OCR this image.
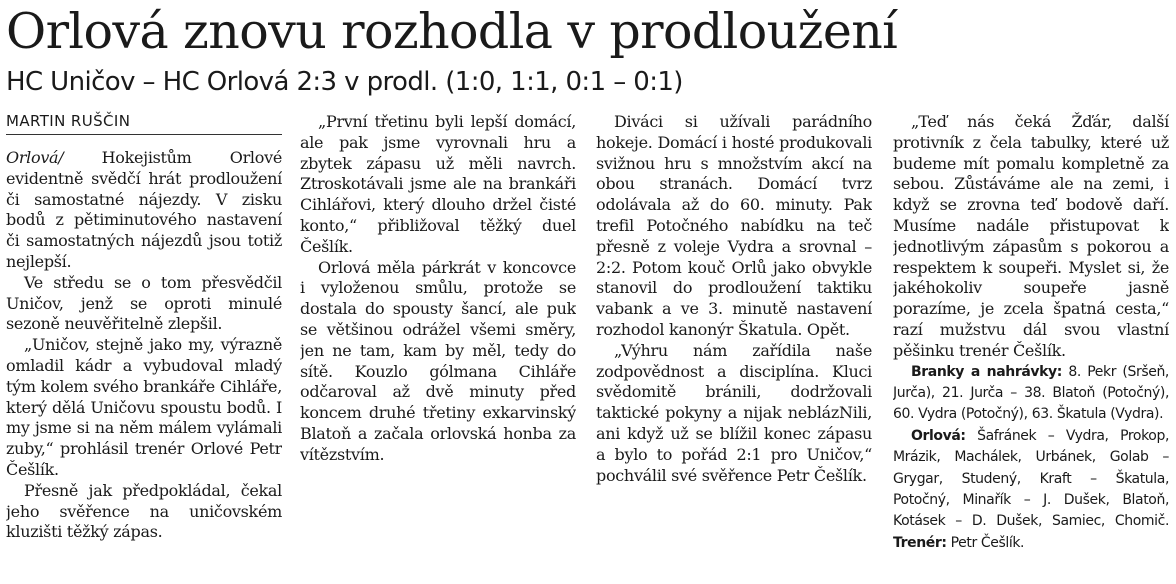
Orlová znovu rozhodla v prodloužení
HC Uničov – HC Orlová 2:3 v prodl. (1:0, 1:1, 0:1 – 0:1)
MARTIN RUŠČIN

Orlová/ Hokejistům Orlové evidentně svědčí hrát prodloužení či samostatné nájezdy. V zisku bodů z pětiminutového nastavení či samostatných nájezdů jsou totiž nejlepší.

Ve středu se o tom přesvědčil Uničov, jenž se oproti minulé sezoně neuvěřitelně zlepšil.

„Uničov, stejně jako my, výrazně omladil kádr a vybudoval mladý tým kolem svého brankáře Cihláře, který dělá Uničovu spoustu bodů. I my jsme si na něm málem vylámali zuby,“ prohlásil trenér Orlové Petr Češlík.

Přesně jak předpokládal, čekal jeho svěřence na uničovském kluzišti těžký zápas.

„První třetinu byli lepší domácí, ale pak jsme vyrovnali hru a zbytek zápasu už měli navrch. Ztroskotávali jsme ale na brankáři Cihlářovi, který dlouho držel čisté konto,“ přibližoval těžký duel Češlík.

Orlová měla párkrát v koncovce i vyloženou smůlu, protože se dostala do spousty šancí, ale puk se většinou odrážel všemi směry, jen ne tam, kam by měl, tedy do sítě. Kouzlo gólmana Cihláře odčaroval až dvě minuty před koncem druhé třetiny exkarvinský Blatoň a začala orlovská honba za vítězstvím.

Diváci si užívali parádního hokeje. Domácí i hosté produkovali svižnou hru s množstvím akcí na obou stranách. Domácí tvrz odolávala až do 60. minuty. Pak trefil Potočného nabídku na teč přesně z voleje Vydra a srovnal – 2:2. Potom kouč Orlů jako obvykle stanovil do prodloužení taktiku vabank a ve 3. minutě nastavení rozhodol kanonýr Škatula. Opět.

„Výhru nám zařídila naše zodpovědnost a disciplína. Kluci svědomitě bránili, dodržovali taktické pokyny a nijak neblázNili, ani když už se blížil konec zápasu a bylo to pořád 2:1 pro Uničov,“ pochválil své svěřence Petr Češlík.

„Teď nás čeká Žďár, další protivník z čela tabulky, které už budeme mít pomalu kompletně za sebou. Zůstáváme ale na zemi, i když se zrovna teď bodově daří. Musíme nadále přistupovat k jednotlivým zápasům s pokorou a respektem k soupeři. Myslet si, že jakéhokoliv soupeře jasně porazíme, je zcela špatná cesta,“ razí mužstvu dál svou vlastní pěšinku trenér Češlík.

Branky a nahrávky: 8. Pekr (Sršeň, Jurča), 21. Jurča – 38. Blatoň (Potočný), 60. Vydra (Potočný), 63. Škatula (Vydra).

Orlová: Šafránek – Vydra, Prokop, Mrázik, Machálek, Urbánek, Golab – Grygar, Studený, Kraft – Škatula, Potočný, Minařík – J. Dušek, Blatoň, Kotásek – D. Dušek, Samiec, Chomič. Trenér: Petr Češlík.
